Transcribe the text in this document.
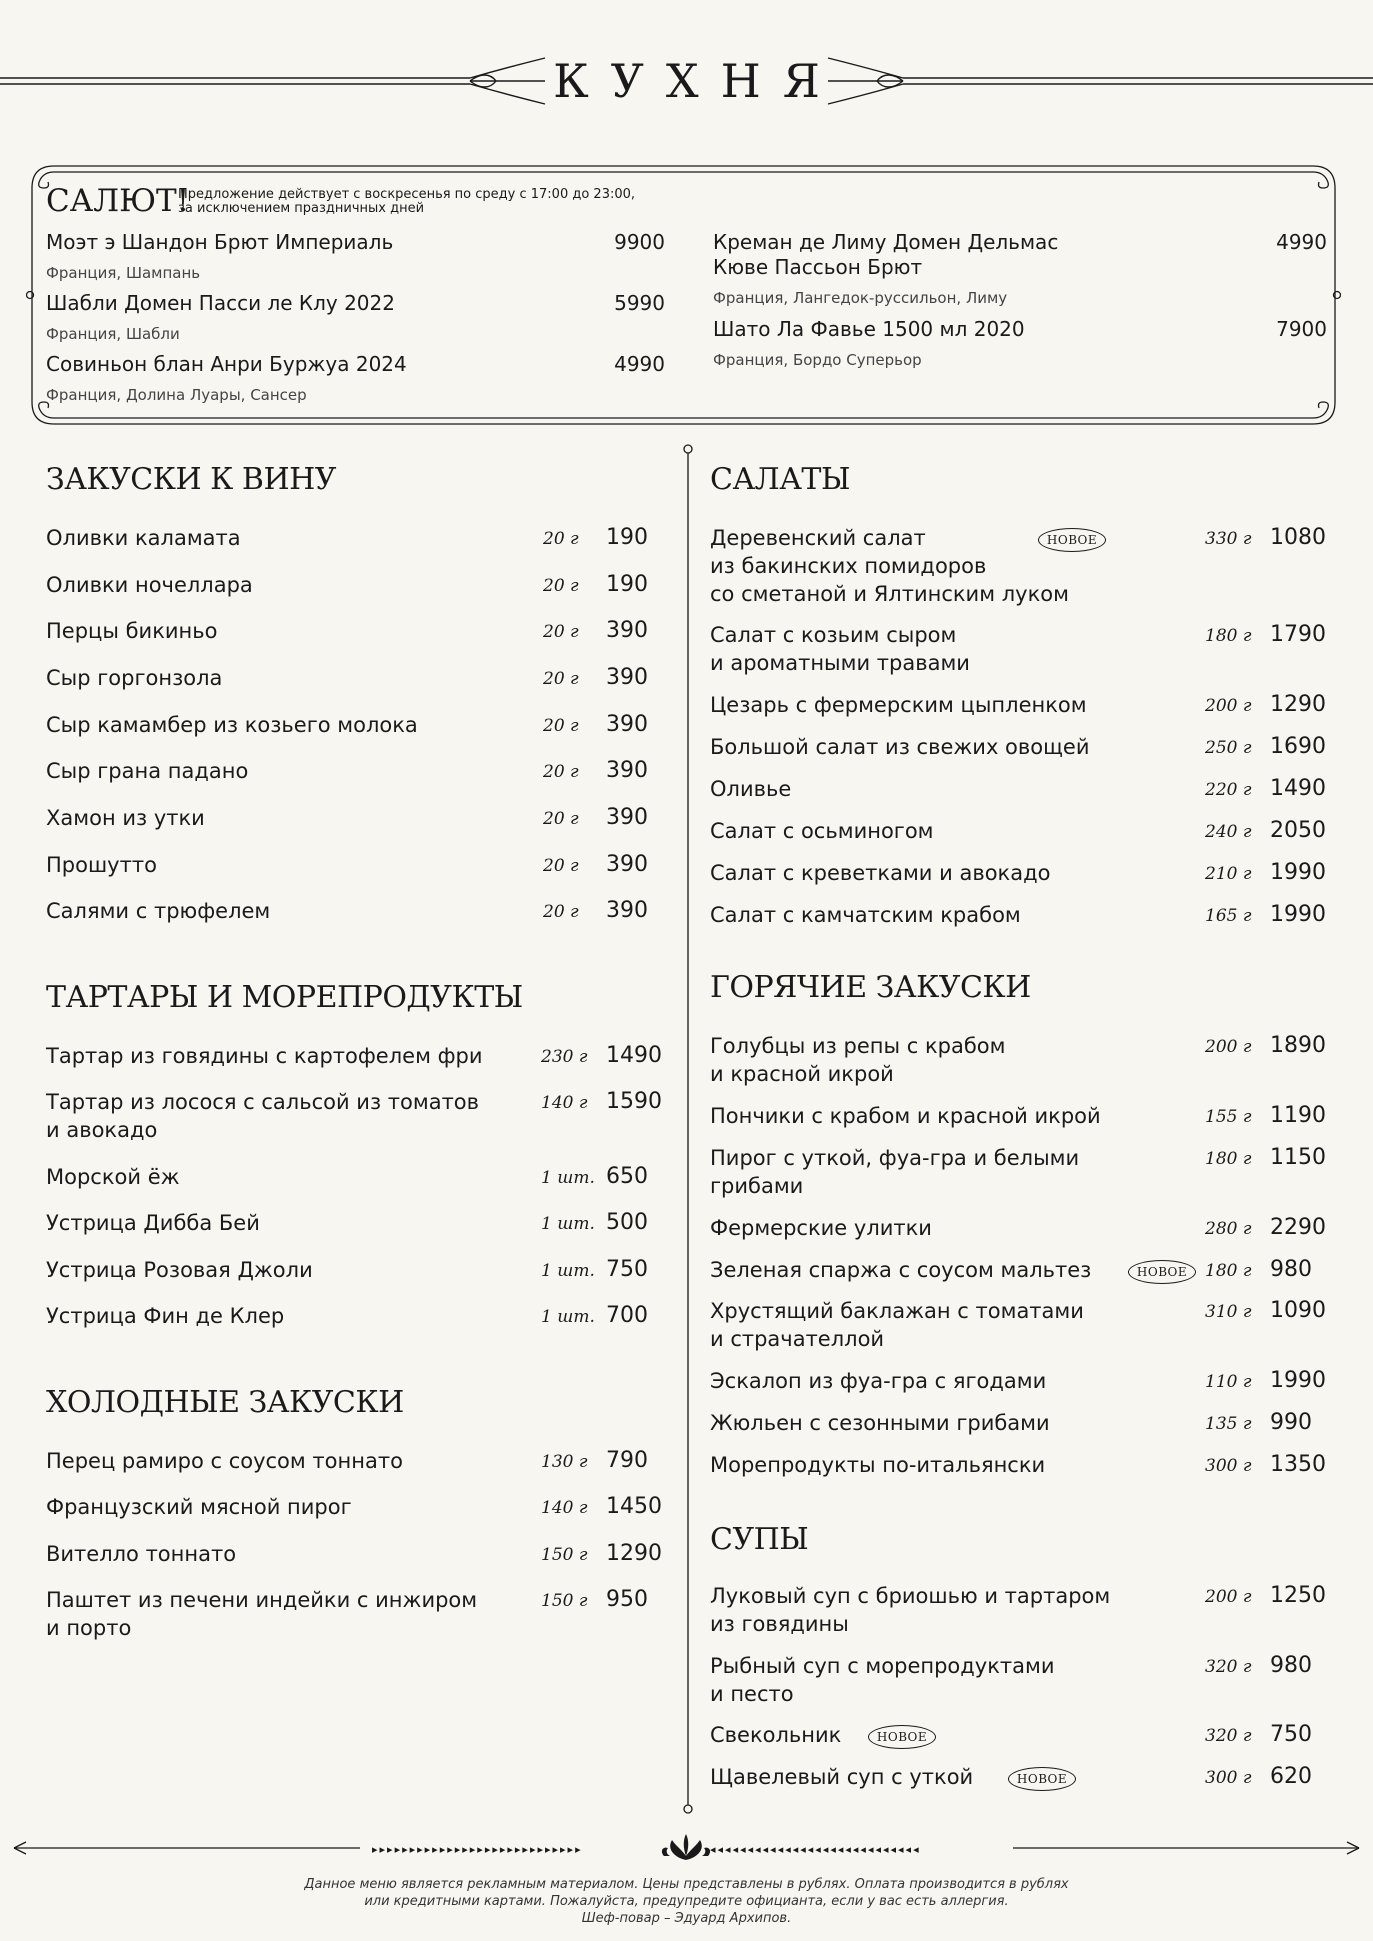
КУХНЯ
САЛЮТ!
Предложение действует с воскресенья по среду с 17:00 до 23:00,
за исключением праздничных дней
Моэт э Шандон Брют Империаль	9900
Франция, Шампань
Шабли Домен Пасси ле Клу 2022	5990
Франция, Шабли
Совиньон блан Анри Буржуа 2024	4990
Франция, Долина Луары, Сансер
Креман де Лиму Домен Дельмас
Кюве Пассьон Брют
4990
Франция, Лангедок-руссильон, Лиму
Шато Ла Фавье 1500 мл 2020	7900
Франция, Бордо Суперьор
ЗАКУСКИ К ВИНУ
Оливки каламата	20 г 190
Оливки ночеллара	20 г 190
Перцы бикиньо	20 г 390
Сыр горгонзола	20 г 390
Сыр камамбер из козьего молока	20 г 390
Сыр грана падано	20 г 390
Хамон из утки	20 г 390
Прошутто	20 г 390
Салями с трюфелем	20 г 390
ТАРТАРЫ И МОРЕПРОДУКТЫ
Тартар из говядины с картофелем фри	230 г 1490
Тартар из лосося с сальсой из томатов
и авокадо
140 г 1590
Морской ёж	1 шт. 650
Устрица Дибба Бей	1 шт. 500
Устрица Розовая Джоли	1 шт. 750
Устрица Фин де Клер	1 шт. 700
ХОЛОДНЫЕ ЗАКУСКИ
Перец рамиро с соусом тоннато	130 г 790
Французский мясной пирог	140 г 1450
Вителло тоннато	150 г 1290
Паштет из печени индейки с инжиром
и порто
150 г 950
САЛАТЫ
Деревенский салат
из бакинских помидоров
со сметаной и Ялтинским луком
НОВОЕ	330 г 1080
Салат с козьим сыром
и ароматными травами
180 г 1790
Цезарь с фермерским цыпленком	200 г 1290
Большой салат из свежих овощей	250 г 1690
Оливье	220 г 1490
Салат с осьминогом	240 г 2050
Салат с креветками и авокадо	210 г 1990
Салат с камчатским крабом	165 г 1990
ГОРЯЧИЕ ЗАКУСКИ
Голубцы из репы с крабом
и красной икрой
200 г 1890
Пончики с крабом и красной икрой	155 г 1190
Пирог с уткой, фуа-гра и белыми
грибами
180 г 1150
Фермерские улитки	280 г 2290
Зеленая спаржа с соусом мальтез	НОВОЕ	180 г 980
Хрустящий баклажан с томатами
и страчателлой
310 г 1090
Эскалоп из фуа-гра с ягодами	110 г 1990
Жюльен с сезонными грибами	135 г 990
Морепродукты по-итальянски	300 г 1350
СУПЫ
Луковый суп с бриошью и тартаром
из говядины
200 г 1250
Рыбный суп с морепродуктами
и песто
320 г 980
Свекольник	НОВОЕ	320 г 750
Щавелевый суп с уткой	НОВОЕ	300 г 620
▸▸▸▸▸▸▸▸▸▸▸▸▸▸▸▸▸▸▸▸▸▸▸▸▸▸▸▸	◂◂◂◂◂◂◂◂◂◂◂◂◂◂◂◂◂◂◂◂◂◂◂◂◂◂◂◂
Данное меню является рекламным материалом. Цены представлены в рублях. Оплата производится в рублях
или кредитными картами. Пожалуйста, предупредите официанта, если у вас есть аллергия.
Шеф-повар – Эдуард Архипов.
